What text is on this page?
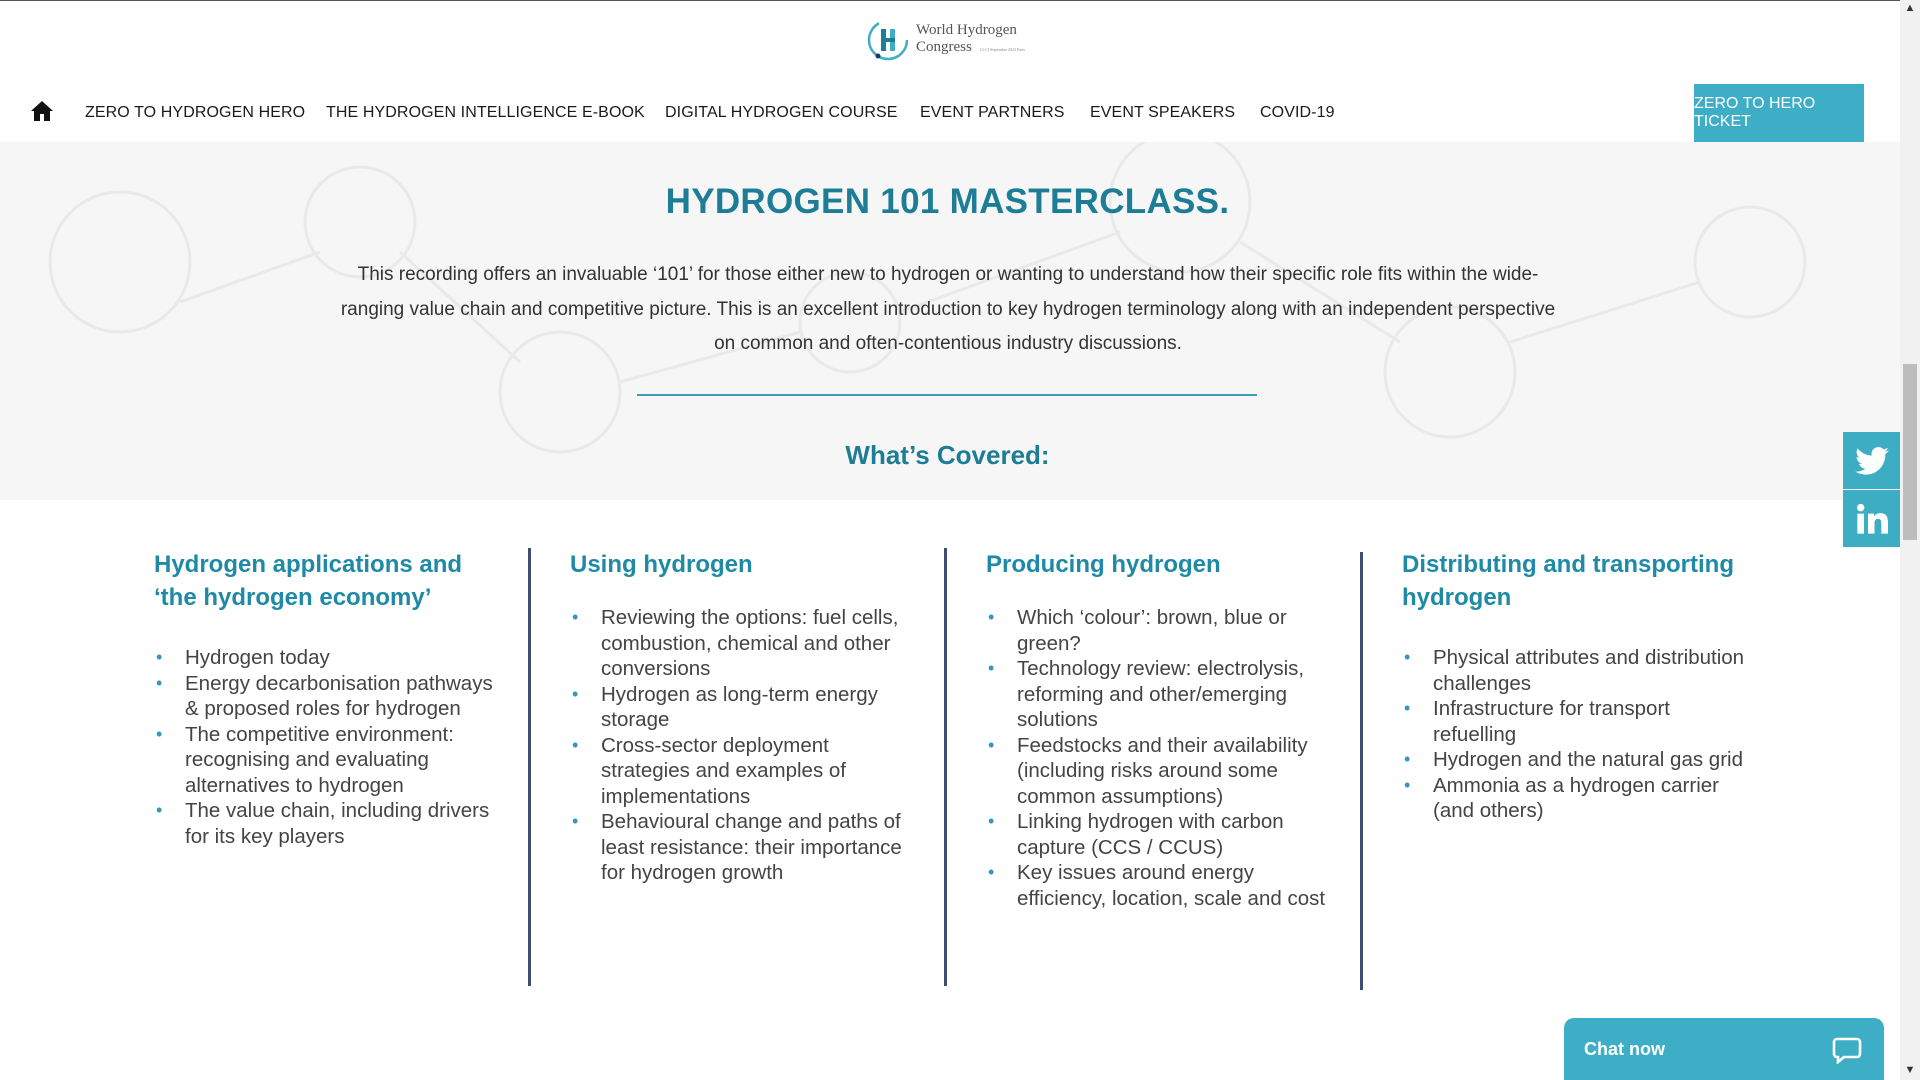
World Hydrogen
Congress 12-13 September 2023 Paris
ZERO TO HYDROGEN HERO THE HYDROGEN INTELLIGENCE E-BOOK DIGITAL HYDROGEN COURSE EVENT PARTNERS EVENT SPEAKERS COVID-19
ZERO TO HERO TICKET
HYDROGEN 101 MASTERCLASS.
This recording offers an invaluable ‘101’ for those either new to hydrogen or wanting to understand how their specific role fits within the wide-ranging value chain and competitive picture. This is an excellent introduction to key hydrogen terminology along with an independent perspective on common and often-contentious industry discussions.
What’s Covered:
Hydrogen applications and ‘the hydrogen economy’
• Hydrogen today
• Energy decarbonisation pathways & proposed roles for hydrogen
• The competitive environment: recognising and evaluating alternatives to hydrogen
• The value chain, including drivers for its key players
Using hydrogen
• Reviewing the options: fuel cells, combustion, chemical and other conversions
• Hydrogen as long-term energy storage
• Cross-sector deployment strategies and examples of implementations
• Behavioural change and paths of least resistance: their importance for hydrogen growth
Producing hydrogen
• Which ‘colour’: brown, blue or green?
• Technology review: electrolysis, reforming and other/emerging solutions
• Feedstocks and their availability (including risks around some common assumptions)
• Linking hydrogen with carbon capture (CCS / CCUS)
• Key issues around energy efficiency, location, scale and cost
Distributing and transporting hydrogen
• Physical attributes and distribution challenges
• Infrastructure for transport refuelling
• Hydrogen and the natural gas grid
• Ammonia as a hydrogen carrier (and others)
▲
▼
Chat now
